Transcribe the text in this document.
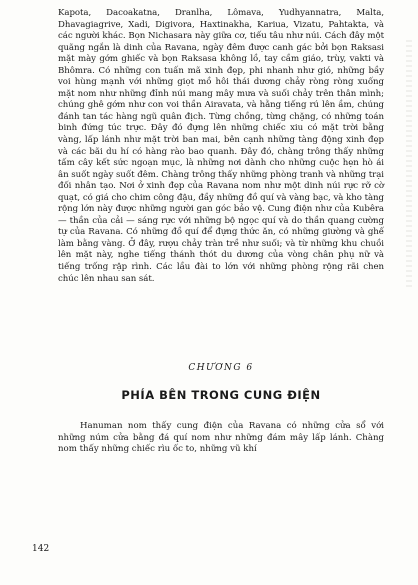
Kapota, Dacoakatna, Dranlha, Lômava, Yudhyannatra, Malta, Dhavagiagrive, Xadi, Digivora, Haxtinakha, Kariua, Vizatu, Pahtakta, và các người khác. Bọn Nichasara này giữa cơ, tiếu tâu như núi. Cách đây một quãng ngắn là dinh của Ravana, ngày đêm được canh gác bởi bọn Raksasi mặt mày gớm ghiếc và bọn Raksasa không lồ, tay cầm giáo, trùy, vakti và Bhômra. Có những con tuấn mã xinh đẹp, phi nhanh như gió, những bầy voi hùng mạnh với những giọt mồ hôi thái dương chảy ròng ròng xuống mặt nom như những đỉnh núi mang mây mưa và suối chảy trên thân mình; chúng ghê gớm như con voi thần Airavata, và hằng tiếng rú lên ầm, chúng đánh tan tác hàng ngũ quân địch. Từng chồng, từng chặng, có những toán binh đứng túc trực. Đây đó đựng lên những chiếc xiu có mặt trời bằng vàng, lấp lánh như mặt trời ban mai, bên cạnh những tàng động xinh đẹp và các bãi du hí có hàng rào bao quanh. Đây đó, chàng trông thấy những tấm cây kết sức ngoạn mục, là những nơi dành cho những cuộc hẹn hò ái ân suốt ngày suốt đêm. Chàng trông thấy những phòng tranh và những trại đối nhân tạo. Nơi ở xinh đẹp của Ravana nom như một dinh núi rực rỡ cờ quạt, có giá cho chim công đậu, đầy những đồ quí và vàng bạc, và kho tàng rộng lớn này được những người gan góc bảo vệ. Cung điện như của Kubêra — thần của cải — sáng rực với những bộ ngọc quí và do thần quang cường tự của Ravana. Có những đồ quí để đựng thức ăn, có những giường và ghế làm bằng vàng. Ở đây, rượu chảy tràn trề như suối; và từ những khu chuồi lên mặt này, nghe tiếng thánh thót du dương của vòng chân phụ nữ và tiếng trống rập rình. Các lầu đài to lớn với những phòng rộng rãi chen chúc lên nhau san sát.

CHƯƠNG 6

PHÍA BÊN TRONG CUNG ĐIỆN

Hanuman nom thấy cung điện của Ravana có những cửa sổ với những núm cửa bằng đá quí nom như những đám mây lấp lánh. Chàng nom thấy những chiếc rìu ốc to, những vũ khí

142
